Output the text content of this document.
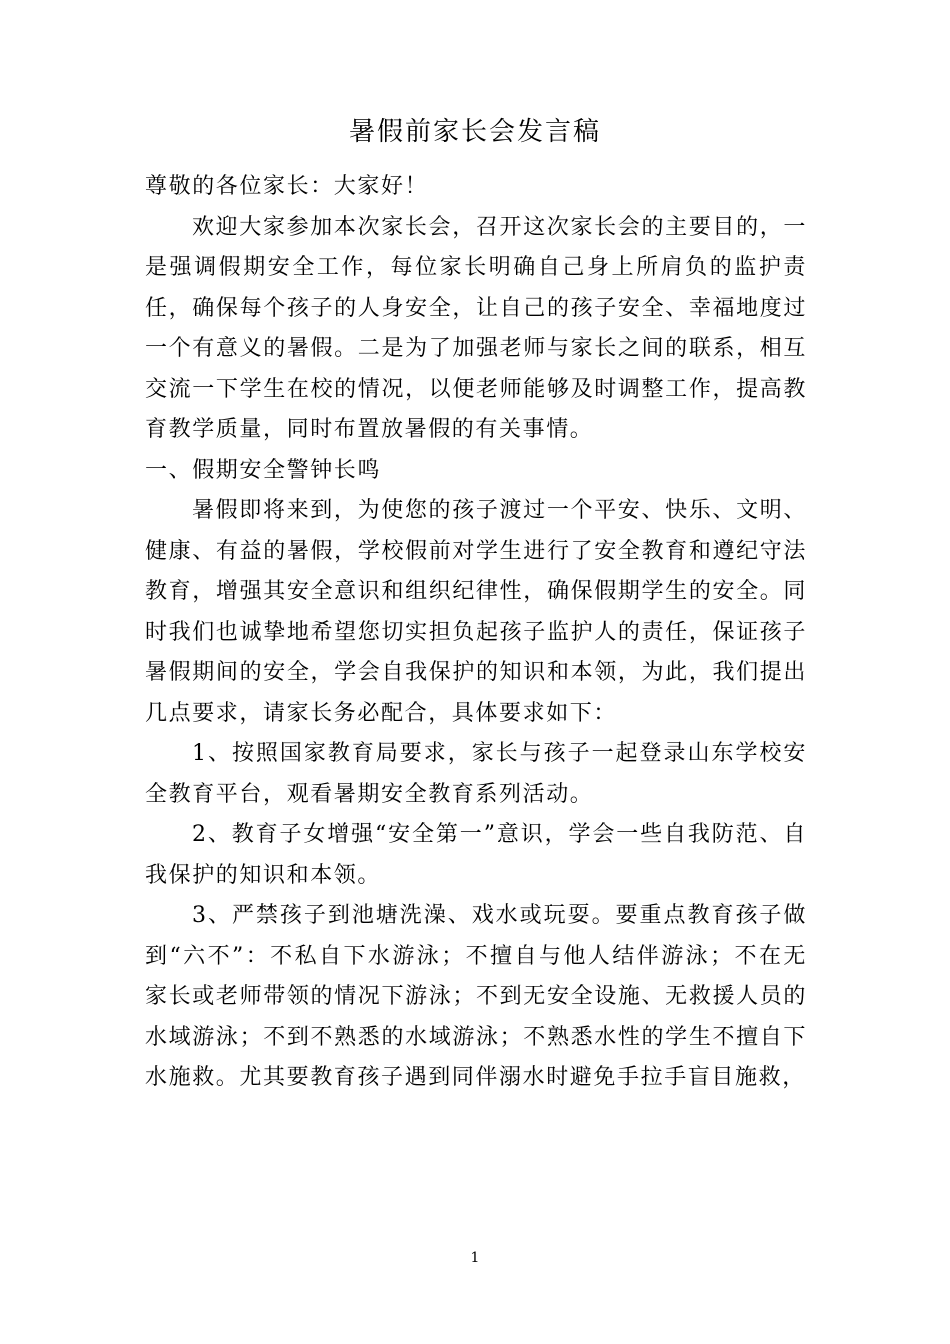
暑假前家长会发言稿

尊敬的各位家长：大家好！

欢迎大家参加本次家长会，召开这次家长会的主要目的，一是强调假期安全工作，每位家长明确自己身上所肩负的监护责任，确保每个孩子的人身安全，让自己的孩子安全、幸福地度过一个有意义的暑假。二是为了加强老师与家长之间的联系，相互交流一下学生在校的情况，以便老师能够及时调整工作，提高教育教学质量，同时布置放暑假的有关事情。

一、假期安全警钟长鸣

暑假即将来到，为使您的孩子渡过一个平安、快乐、文明、健康、有益的暑假，学校假前对学生进行了安全教育和遵纪守法教育，增强其安全意识和组织纪律性，确保假期学生的安全。同时我们也诚挚地希望您切实担负起孩子监护人的责任，保证孩子暑假期间的安全，学会自我保护的知识和本领，为此，我们提出几点要求，请家长务必配合，具体要求如下：

1、按照国家教育局要求，家长与孩子一起登录山东学校安全教育平台，观看暑期安全教育系列活动。

2、教育子女增强“安全第一”意识，学会一些自我防范、自我保护的知识和本领。

3、严禁孩子到池塘洗澡、戏水或玩耍。要重点教育孩子做到“六不”：不私自下水游泳；不擅自与他人结伴游泳；不在无家长或老师带领的情况下游泳；不到无安全设施、无救援人员的水域游泳；不到不熟悉的水域游泳；不熟悉水性的学生不擅自下水施救。尤其要教育孩子遇到同伴溺水时避免手拉手盲目施救，

1
